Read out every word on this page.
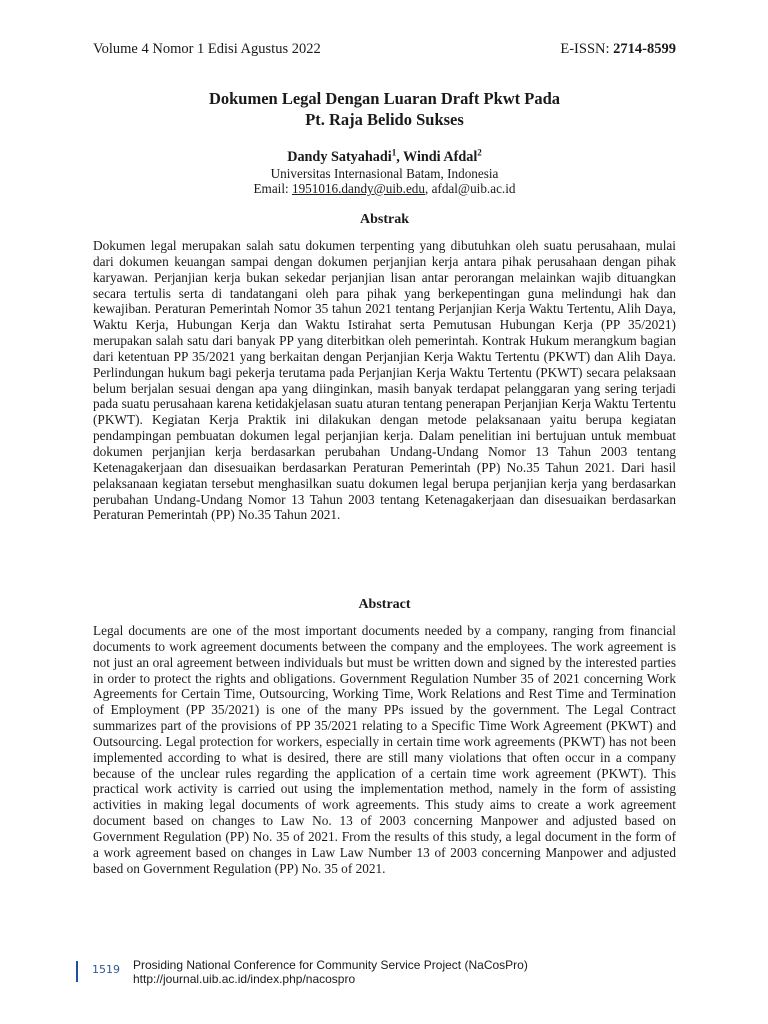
Volume 4 Nomor 1 Edisi Agustus 2022	E-ISSN: 2714-8599
Dokumen Legal Dengan Luaran Draft Pkwt Pada
Pt. Raja Belido Sukses
Dandy Satyahadi$^1$, Windi Afdal$^2$
Universitas Internasional Batam, Indonesia
Email: 1951016.dandy@uib.edu, afdal@uib.ac.id
Abstrak

Dokumen legal merupakan salah satu dokumen terpenting yang dibutuhkan oleh suatu perusahaan, mulai dari dokumen keuangan sampai dengan dokumen perjanjian kerja antara pihak perusahaan dengan pihak karyawan. Perjanjian kerja bukan sekedar perjanjian lisan antar perorangan melainkan wajib dituangkan secara tertulis serta di tandatangani oleh para pihak yang berkepentingan guna melindungi hak dan kewajiban. Peraturan Pemerintah Nomor 35 tahun 2021 tentang Perjanjian Kerja Waktu Tertentu, Alih Daya, Waktu Kerja, Hubungan Kerja dan Waktu Istirahat serta Pemutusan Hubungan Kerja (PP 35/2021) merupakan salah satu dari banyak PP yang diterbitkan oleh pemerintah. Kontrak Hukum merangkum bagian dari ketentuan PP 35/2021 yang berkaitan dengan Perjanjian Kerja Waktu Tertentu (PKWT) dan Alih Daya. Perlindungan hukum bagi pekerja terutama pada Perjanjian Kerja Waktu Tertentu (PKWT) secara pelaksaan belum berjalan sesuai dengan apa yang diinginkan, masih banyak terdapat pelanggaran yang sering terjadi pada suatu perusahaan karena ketidakjelasan suatu aturan tentang penerapan Perjanjian Kerja Waktu Tertentu (PKWT). Kegiatan Kerja Praktik ini dilakukan dengan metode pelaksanaan yaitu berupa kegiatan pendampingan pembuatan dokumen legal perjanjian kerja. Dalam penelitian ini bertujuan untuk membuat dokumen perjanjian kerja berdasarkan perubahan Undang-Undang Nomor 13 Tahun 2003 tentang Ketenagakerjaan dan disesuaikan berdasarkan Peraturan Pemerintah (PP) No.35 Tahun 2021. Dari hasil pelaksanaan kegiatan tersebut menghasilkan suatu dokumen legal berupa perjanjian kerja yang berdasarkan perubahan Undang-Undang Nomor 13 Tahun 2003 tentang Ketenagakerjaan dan disesuaikan berdasarkan Peraturan Pemerintah (PP) No.35 Tahun 2021.

Abstract

Legal documents are one of the most important documents needed by a company, ranging from financial documents to work agreement documents between the company and the employees. The work agreement is not just an oral agreement between individuals but must be written down and signed by the interested parties in order to protect the rights and obligations. Government Regulation Number 35 of 2021 concerning Work Agreements for Certain Time, Outsourcing, Working Time, Work Relations and Rest Time and Termination of Employment (PP 35/2021) is one of the many PPs issued by the government. The Legal Contract summarizes part of the provisions of PP 35/2021 relating to a Specific Time Work Agreement (PKWT) and Outsourcing. Legal protection for workers, especially in certain time work agreements (PKWT) has not been implemented according to what is desired, there are still many violations that often occur in a company because of the unclear rules regarding the application of a certain time work agreement (PKWT). This practical work activity is carried out using the implementation method, namely in the form of assisting activities in making legal documents of work agreements. This study aims to create a work agreement document based on changes to Law No. 13 of 2003 concerning Manpower and adjusted based on Government Regulation (PP) No. 35 of 2021. From the results of this study, a legal document in the form of a work agreement based on changes in Law Law Number 13 of 2003 concerning Manpower and adjusted based on Government Regulation (PP) No. 35 of 2021.

1519 Prosiding National Conference for Community Service Project (NaCosPro)
http://journal.uib.ac.id/index.php/nacospro
